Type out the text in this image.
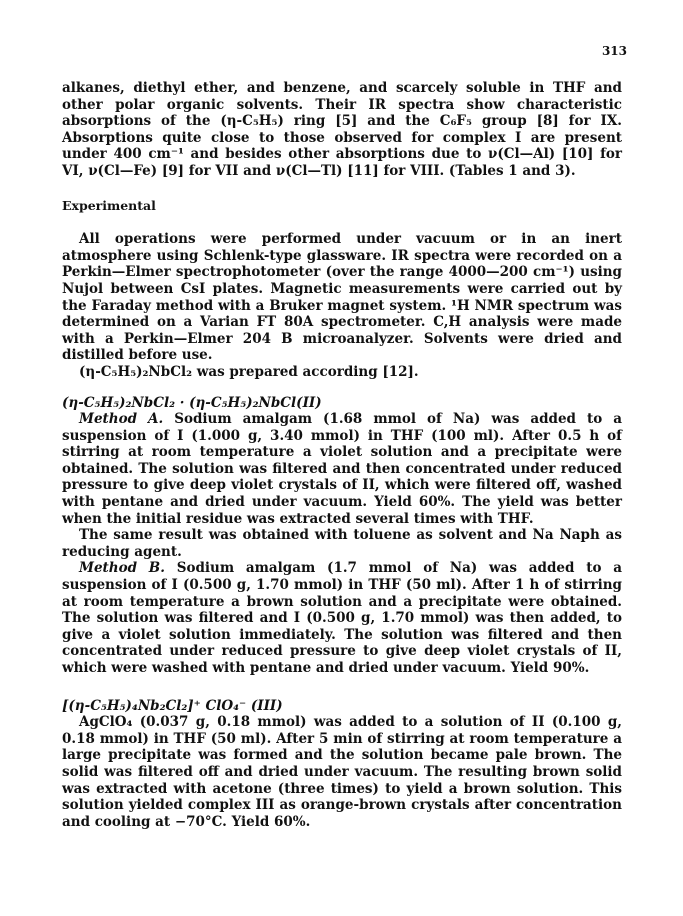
313

alkanes, diethyl ether, and benzene, and scarcely soluble in THF and other polar organic solvents. Their IR spectra show characteristic absorptions of the (η-C₅H₅) ring [5] and the C₆F₅ group [8] for IX. Absorptions quite close to those observed for complex I are present under 400 cm⁻¹ and besides other absorptions due to ν(Cl—Al) [10] for VI, ν(Cl—Fe) [9] for VII and ν(Cl—Tl) [11] for VIII. (Tables 1 and 3).

Experimental

All operations were performed under vacuum or in an inert atmosphere using Schlenk-type glassware. IR spectra were recorded on a Perkin—Elmer spectrophotometer (over the range 4000—200 cm⁻¹) using Nujol between CsI plates. Magnetic measurements were carried out by the Faraday method with a Bruker magnet system. ¹H NMR spectrum was determined on a Varian FT 80A spectrometer. C,H analysis were made with a Perkin—Elmer 204 B microanalyzer. Solvents were dried and distilled before use.

(η-C₅H₅)₂NbCl₂ was prepared according [12].

(η-C₅H₅)₂NbCl₂ · (η-C₅H₅)₂NbCl(II)

Method A. Sodium amalgam (1.68 mmol of Na) was added to a suspension of I (1.000 g, 3.40 mmol) in THF (100 ml). After 0.5 h of stirring at room temperature a violet solution and a precipitate were obtained. The solution was filtered and then concentrated under reduced pressure to give deep violet crystals of II, which were filtered off, washed with pentane and dried under vacuum. Yield 60%. The yield was better when the initial residue was extracted several times with THF.

The same result was obtained with toluene as solvent and Na Naph as reducing agent.

Method B. Sodium amalgam (1.7 mmol of Na) was added to a suspension of I (0.500 g, 1.70 mmol) in THF (50 ml). After 1 h of stirring at room temperature a brown solution and a precipitate were obtained. The solution was filtered and I (0.500 g, 1.70 mmol) was then added, to give a violet solution immediately. The solution was filtered and then concentrated under reduced pressure to give deep violet crystals of II, which were washed with pentane and dried under vacuum. Yield 90%.

[(η-C₅H₅)₄Nb₂Cl₂]⁺ ClO₄⁻ (III)

AgClO₄ (0.037 g, 0.18 mmol) was added to a solution of II (0.100 g, 0.18 mmol) in THF (50 ml). After 5 min of stirring at room temperature a large precipitate was formed and the solution became pale brown. The solid was filtered off and dried under vacuum. The resulting brown solid was extracted with acetone (three times) to yield a brown solution. This solution yielded complex III as orange-brown crystals after concentration and cooling at −70°C. Yield 60%.
